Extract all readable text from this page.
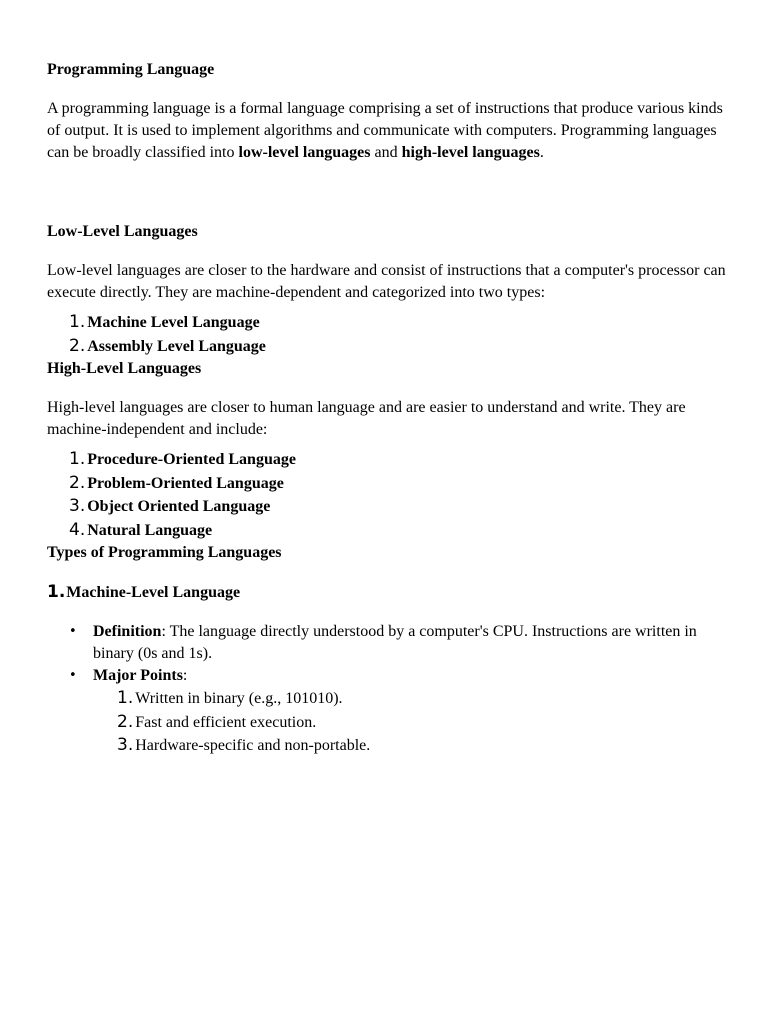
Programming Language

A programming language is a formal language comprising a set of instructions that produce various kinds of output. It is used to implement algorithms and communicate with computers. Programming languages can be broadly classified into low-level languages and high-level languages.

Low-Level Languages

Low-level languages are closer to the hardware and consist of instructions that a computer's processor can execute directly. They are machine-dependent and categorized into two types:

1. Machine Level Language
2. Assembly Level Language
High-Level Languages

High-level languages are closer to human language and are easier to understand and write. They are machine-independent and include:

1. Procedure-Oriented Language
2. Problem-Oriented Language
3. Object Oriented Language
4. Natural Language
Types of Programming Languages
1.Machine-Level Language
• Definition: The language directly understood by a computer's CPU. Instructions are written in binary (0s and 1s).
• Major Points:
1. Written in binary (e.g., 101010).
2. Fast and efficient execution.
3. Hardware-specific and non-portable.
